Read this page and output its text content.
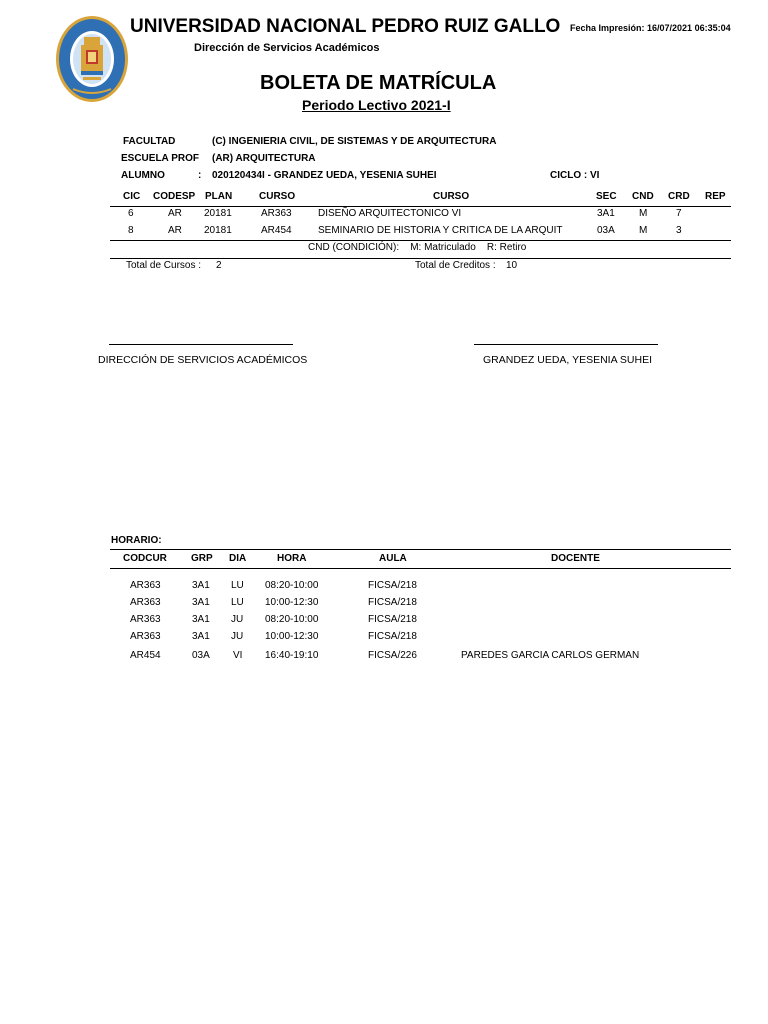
UNIVERSIDAD NACIONAL PEDRO RUIZ GALLO
Dirección de Servicios Académicos
Fecha Impresión: 16/07/2021 06:35:04
BOLETA DE MATRÍCULA
Periodo Lectivo 2021-I
FACULTAD	(C) INGENIERIA CIVIL, DE SISTEMAS Y DE ARQUITECTURA
ESCUELA PROF (AR) ARQUITECTURA
ALUMNO	: 020120434I - GRANDEZ UEDA, YESENIA SUHEI	CICLO : VI
CIC CODESP PLAN	CURSO	CURSO	SEC CND CRD REP
6	AR 20181	AR363	DISEÑO ARQUITECTONICO VI	3A1 M	7
8	AR 20181	AR454	SEMINARIO DE HISTORIA Y CRITICA DE LA ARQUIT	03A M	3
CND (CONDICIÓN):    M: Matriculado    R: Retiro
Total de Cursos : 2	Total de Creditos : 10
DIRECCIÓN DE SERVICIOS ACADÉMICOS	GRANDEZ UEDA, YESENIA SUHEI
HORARIO:
CODCUR GRP DIA	HORA	AULA	DOCENTE
AR363	3A1 LU 08:20-10:00	FICSA/218
AR363	3A1 LU 10:00-12:30	FICSA/218
AR363	3A1 JU 08:20-10:00	FICSA/218
AR363	3A1 JU 10:00-12:30	FICSA/218
AR454	03A VI 16:40-19:10	FICSA/226	PAREDES GARCIA CARLOS GERMAN
